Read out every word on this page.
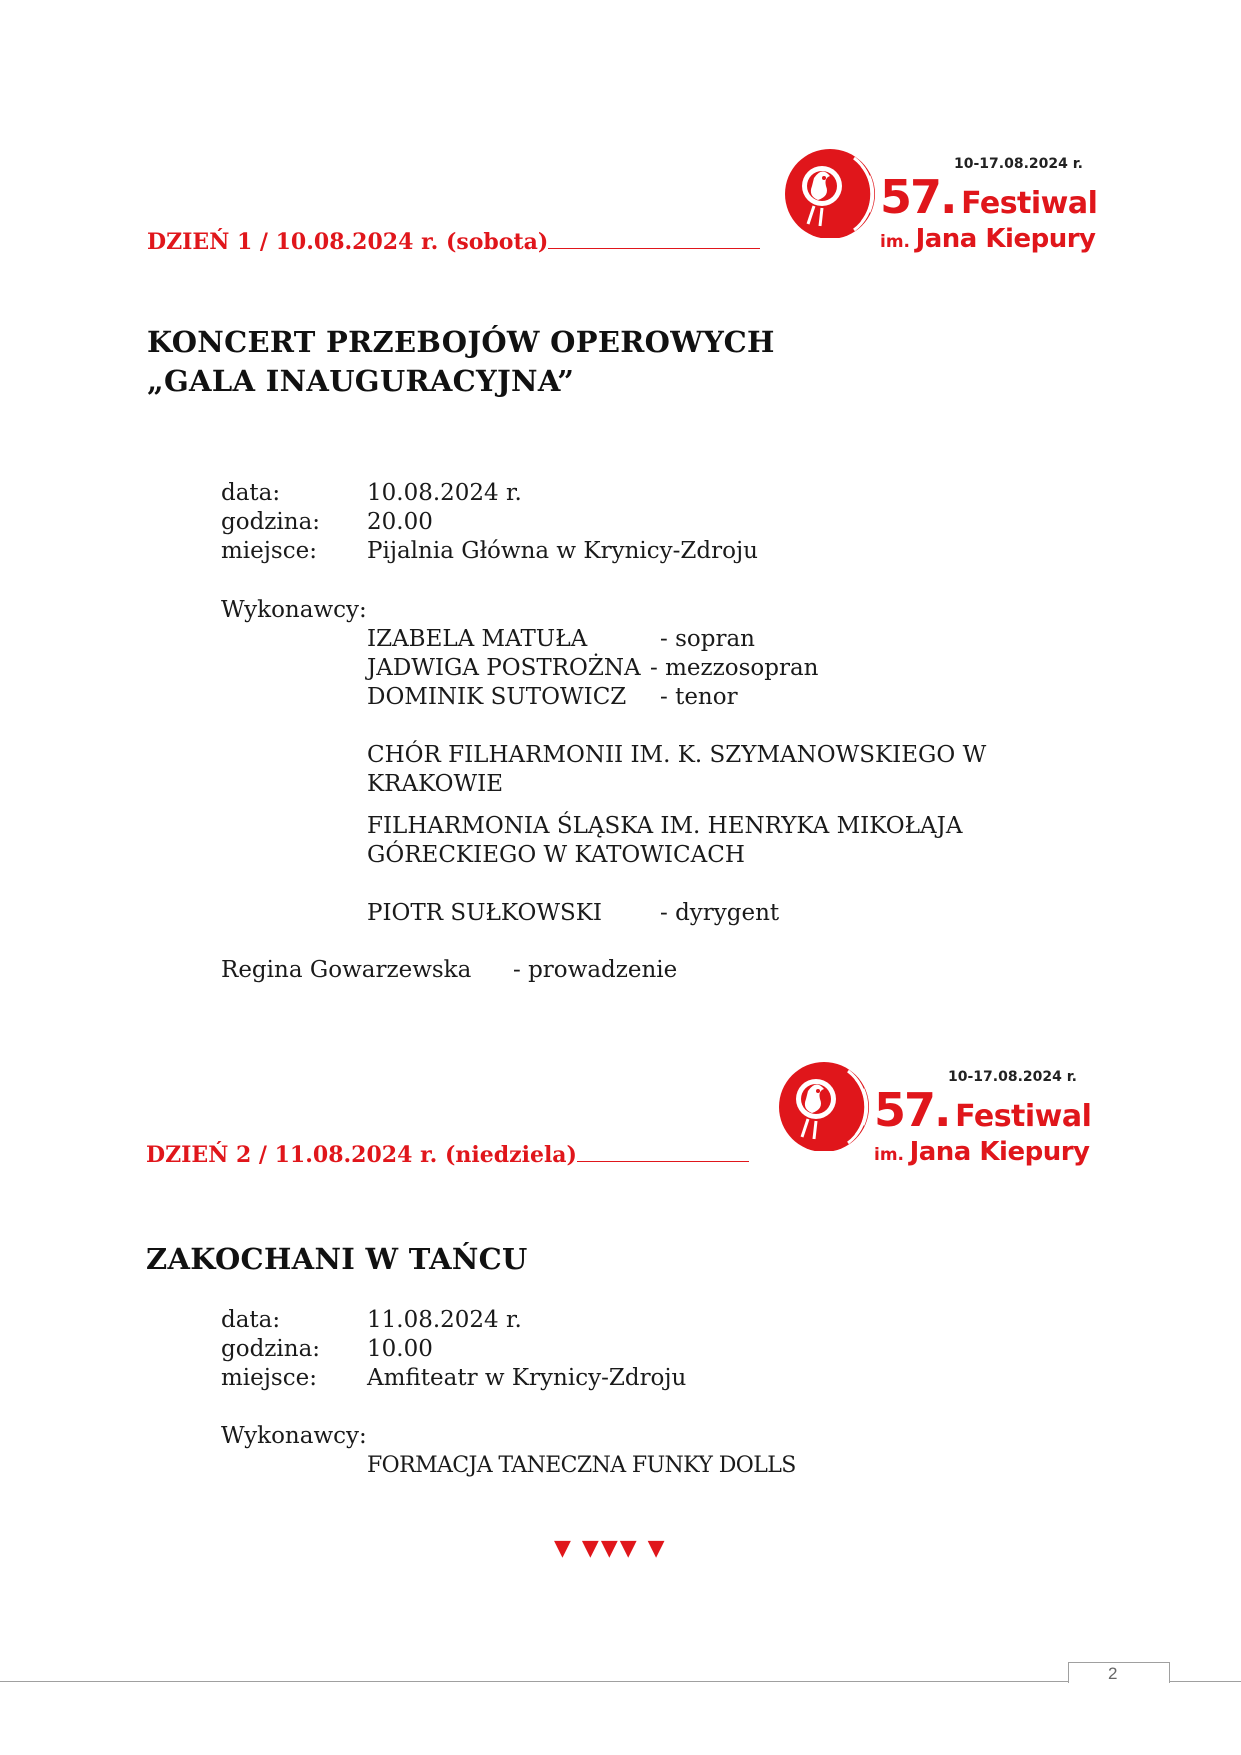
10-17.08.2024 r.
57. Festiwal
im. Jana Kiepury
DZIEŃ 1 / 10.08.2024 r. (sobota)
KONCERT PRZEBOJÓW OPEROWYCH
„GALA INAUGURACYJNA”
data:	10.08.2024 r.
godzina: 20.00
miejsce: Pijalnia Główna w Krynicy-Zdroju
Wykonawcy:
IZABELA MATUŁA	- sopran
JADWIGA POSTROŻNA - mezzosopran
DOMINIK SUTOWICZ - tenor
CHÓR FILHARMONII IM. K. SZYMANOWSKIEGO W
KRAKOWIE
FILHARMONIA ŚLĄSKA IM. HENRYKA MIKOŁAJA
GÓRECKIEGO W KATOWICACH
PIOTR SUŁKOWSKI	- dyrygent
Regina Gowarzewska - prowadzenie
10-17.08.2024 r.
57. Festiwal
im. Jana Kiepury
DZIEŃ 2 / 11.08.2024 r. (niedziela)
ZAKOCHANI W TAŃCU
data:	11.08.2024 r.
godzina: 10.00
miejsce: Amfiteatr w Krynicy-Zdroju
Wykonawcy:
FORMACJA TANECZNA FUNKY DOLLS
▼ ▼▼▼ ▼
2
